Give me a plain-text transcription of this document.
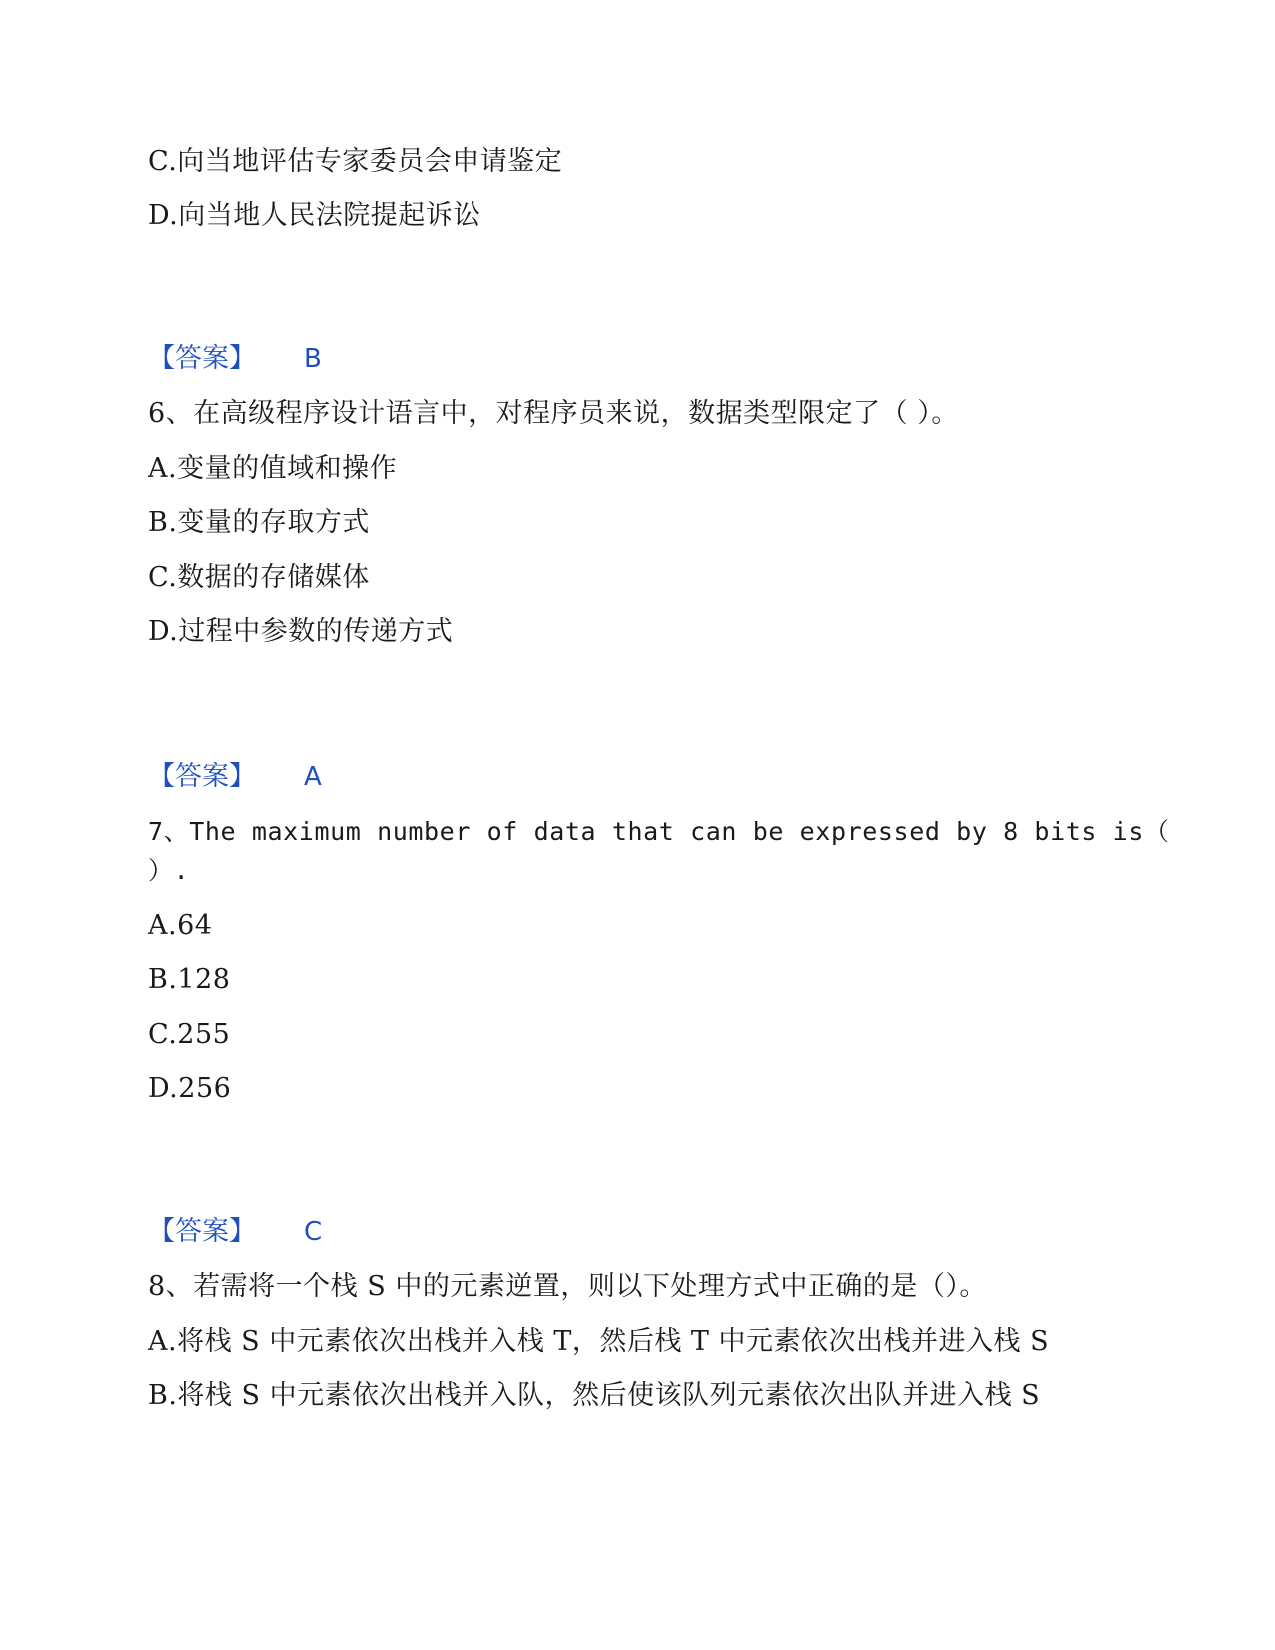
C.向当地评估专家委员会申请鉴定
D.向当地人民法院提起诉讼
【答案】 B
6、在高级程序设计语言中，对程序员来说，数据类型限定了（ ）。
A.变量的值域和操作
B.变量的存取方式
C.数据的存储媒体
D.过程中参数的传递方式
【答案】 A
7、The maximum number of data that can be expressed by 8 bits is（
）.
A.64
B.128
C.255
D.256
【答案】 C
8、若需将一个栈 S 中的元素逆置，则以下处理方式中正确的是（）。
A.将栈 S 中元素依次出栈并入栈 T，然后栈 T 中元素依次出栈并进入栈 S
B.将栈 S 中元素依次出栈并入队，然后使该队列元素依次出队并进入栈 S
